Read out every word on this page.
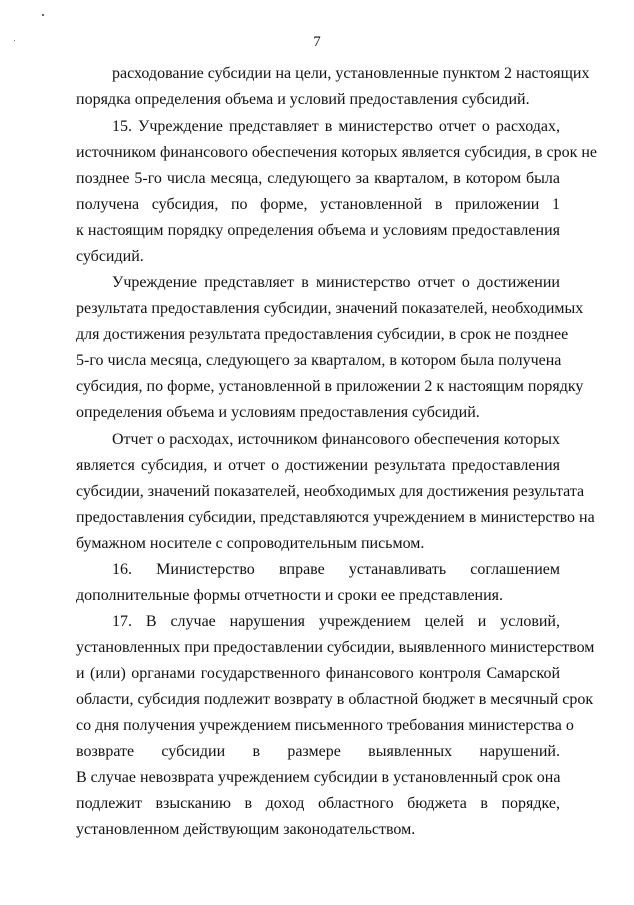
7
расходование субсидии на цели, установленные пунктом 2 настоящих
порядка определения объема и условий предоставления субсидий.
15. Учреждение представляет в министерство отчет о расходах,
источником финансового обеспечения которых является субсидия, в срок не
позднее 5-го числа месяца, следующего за кварталом, в котором была
получена субсидия, по форме, установленной в приложении 1
к настоящим порядку определения объема и условиям предоставления
субсидий.
Учреждение представляет в министерство отчет о достижении
результата предоставления субсидии, значений показателей, необходимых
для достижения результата предоставления субсидии, в срок не позднее
5-го числа месяца, следующего за кварталом, в котором была получена
субсидия, по форме, установленной в приложении 2 к настоящим порядку
определения объема и условиям предоставления субсидий.
Отчет о расходах, источником финансового обеспечения которых
является субсидия, и отчет о достижении результата предоставления
субсидии, значений показателей, необходимых для достижения результата
предоставления субсидии, представляются учреждением в министерство на
бумажном носителе с сопроводительным письмом.
16. Министерство вправе устанавливать соглашением
дополнительные формы отчетности и сроки ее представления.
17. В случае нарушения учреждением целей и условий,
установленных при предоставлении субсидии, выявленного министерством
и (или) органами государственного финансового контроля Самарской
области, субсидия подлежит возврату в областной бюджет в месячный срок
со дня получения учреждением письменного требования министерства о
возврате субсидии в размере выявленных нарушений.
В случае невозврата учреждением субсидии в установленный срок она
подлежит взысканию в доход областного бюджета в порядке,
установленном действующим законодательством.
